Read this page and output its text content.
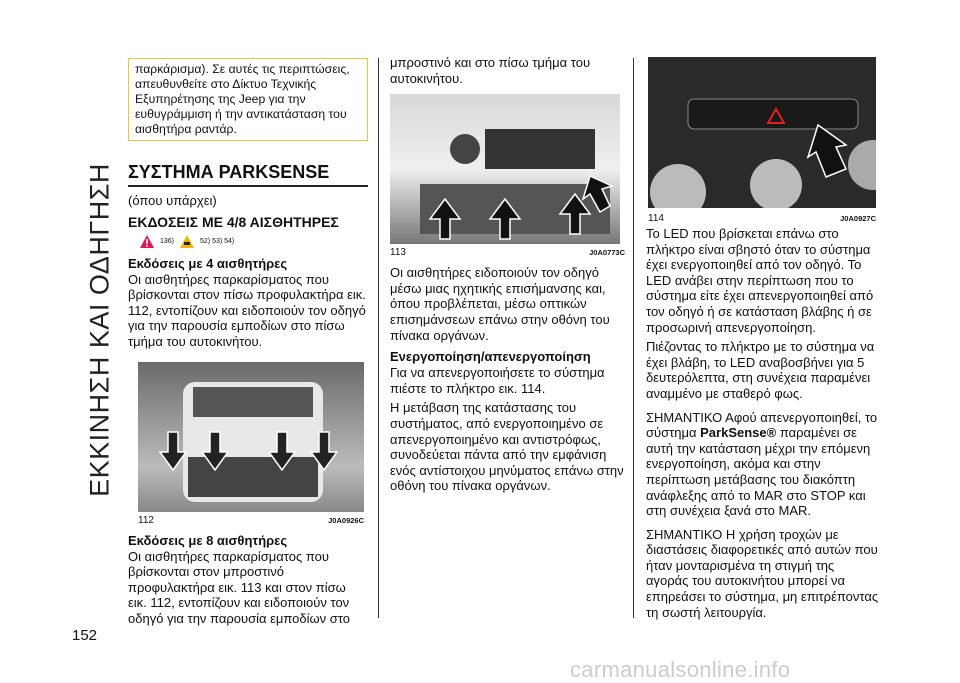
ΕΚΚΙΝΗΣΗ ΚΑΙ ΟΔΗΓΗΣΗ
152
παρκάρισμα). Σε αυτές τις περιπτώσεις, απευθυνθείτε στο Δίκτυο Τεχνικής Εξυπηρέτησης της Jeep για την ευθυγράμμιση ή την αντικατάσταση του αισθητήρα ραντάρ.
ΣΥΣΤΗΜΑ PARKSENSE

(όπου υπάρχει)

ΕΚΔΟΣΕΙΣ ΜΕ 4/8 ΑΙΣΘΗΤΗΡΕΣ
136)	52) 53) 54)
Εκδόσεις με 4 αισθητήρες

Οι αισθητήρες παρκαρίσματος που βρίσκονται στον πίσω προφυλακτήρα εικ. 112, εντοπίζουν και ειδοποιούν τον οδηγό για την παρουσία εμποδίων στο πίσω τμήμα του αυτοκινήτου.

112	J0A0926C
Εκδόσεις με 8 αισθητήρες

Οι αισθητήρες παρκαρίσματος που βρίσκονται στον μπροστινό προφυλακτήρα εικ. 113 και στον πίσω εικ. 112, εντοπίζουν και ειδοποιούν τον οδηγό για την παρουσία εμποδίων στο

μπροστινό και στο πίσω τμήμα του αυτοκινήτου.

113	J0A0773C

Οι αισθητήρες ειδοποιούν τον οδηγό μέσω μιας ηχητικής επισήμανσης και, όπου προβλέπεται, μέσω οπτικών επισημάνσεων επάνω στην οθόνη του πίνακα οργάνων.

Ενεργοποίηση/απενεργοποίηση

Για να απενεργοποιήσετε το σύστημα πιέστε το πλήκτρο εικ. 114.

Η μετάβαση της κατάστασης του συστήματος, από ενεργοποιημένο σε απενεργοποιημένο και αντιστρόφως, συνοδεύεται πάντα από την εμφάνιση ενός αντίστοιχου μηνύματος επάνω στην οθόνη του πίνακα οργάνων.

114	J0A0927C

Το LED που βρίσκεται επάνω στο πλήκτρο είναι σβηστό όταν το σύστημα έχει ενεργοποιηθεί από τον οδηγό. Το LED ανάβει στην περίπτωση που το σύστημα είτε έχει απενεργοποιηθεί από τον οδηγό ή σε κατάσταση βλάβης ή σε προσωρινή απενεργοποίηση.

Πιέζοντας το πλήκτρο με το σύστημα να έχει βλάβη, το LED αναβοσβήνει για 5 δευτερόλεπτα, στη συνέχεια παραμένει αναμμένο με σταθερό φως.

ΣΗΜΑΝΤΙΚΟ Αφού απενεργοποιηθεί, το σύστημα ParkSense® παραμένει σε αυτή την κατάσταση μέχρι την επόμενη ενεργοποίηση, ακόμα και στην περίπτωση μετάβασης του διακόπτη ανάφλεξης από το MAR στο STOP και στη συνέχεια ξανά στο MAR.

ΣΗΜΑΝΤΙΚΟ Η χρήση τροχών με διαστάσεις διαφορετικές από αυτών που ήταν μονταρισμένα τη στιγμή της αγοράς του αυτοκινήτου μπορεί να επηρεάσει το σύστημα, μη επιτρέποντας τη σωστή λειτουργία.

carmanualsonline.info
